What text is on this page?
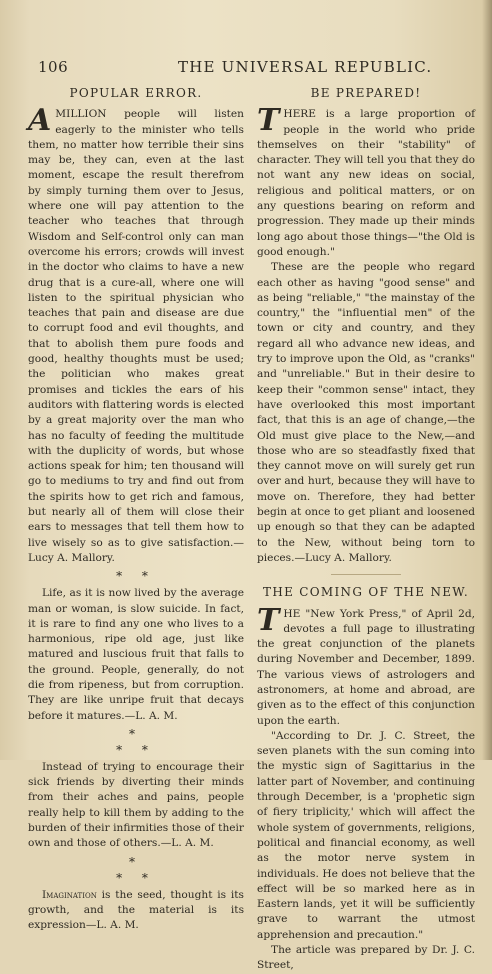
106	THE UNIVERSAL REPUBLIC.
POPULAR ERROR.

AMILLION people will listen eagerly to the minister who tells them, no matter how terrible their sins may be, they can, even at the last moment, escape the result therefrom by simply turning them over to Jesus, where one will pay attention to the teacher who teaches that through Wisdom and Self-control only can man overcome his errors; crowds will invest in the doctor who claims to have a new drug that is a cure-all, where one will listen to the spiritual physician who teaches that pain and disease are due to corrupt food and evil thoughts, and that to abolish them pure foods and good, healthy thoughts must be used; the politician who makes great promises and tickles the ears of his auditors with flattering words is elected by a great majority over the man who has no faculty of feeding the multitude with the duplicity of words, but whose actions speak for him; ten thousand will go to mediums to try and find out from the spirits how to get rich and famous, but nearly all of them will close their ears to messages that tell them how to live wisely so as to give satisfaction.—Lucy A. Mallory.

* *

Life, as it is now lived by the average man or woman, is slow suicide. In fact, it is rare to find any one who lives to a harmonious, ripe old age, just like matured and luscious fruit that falls to the ground. People, generally, do not die from ripeness, but from corruption. They are like unripe fruit that decays before it matures.—L. A. M.

*
* *

Instead of trying to encourage their sick friends by diverting their minds from their aches and pains, people really help to kill them by adding to the burden of their infirmities those of their own and those of others.—L. A. M.

*
* *

Imagination is the seed, thought is its growth, and the material is its expression—L. A. M.

BE PREPARED!

THERE is a large proportion of people in the world who pride themselves on their "stability" of character. They will tell you that they do not want any new ideas on social, religious and political matters, or on any questions bearing on reform and progression. They made up their minds long ago about those things—"the Old is good enough."

These are the people who regard each other as having "good sense" and as being "reliable," "the mainstay of the country," the "influential men" of the town or city and country, and they regard all who advance new ideas, and try to improve upon the Old, as "cranks" and "unreliable." But in their desire to keep their "common sense" intact, they have overlooked this most important fact, that this is an age of change,—the Old must give place to the New,—and those who are so steadfastly fixed that they cannot move on will surely get run over and hurt, because they will have to move on. Therefore, they had better begin at once to get pliant and loosened up enough so that they can be adapted to the New, without being torn to pieces.—Lucy A. Mallory.

THE COMING OF THE NEW.

THE "New York Press," of April 2d, devotes a full page to illustrating the great conjunction of the planets during November and December, 1899. The various views of astrologers and astronomers, at home and abroad, are given as to the effect of this conjunction upon the earth.

"According to Dr. J. C. Street, the seven planets with the sun coming into the mystic sign of Sagittarius in the latter part of November, and continuing through December, is a 'prophetic sign of fiery triplicity,' which will affect the whole system of governments, religions, political and financial economy, as well as the motor nerve system in individuals. He does not believe that the effect will be so marked here as in Eastern lands, yet it will be sufficiently grave to warrant the utmost apprehension and precaution."

The article was prepared by Dr. J. C. Street,
